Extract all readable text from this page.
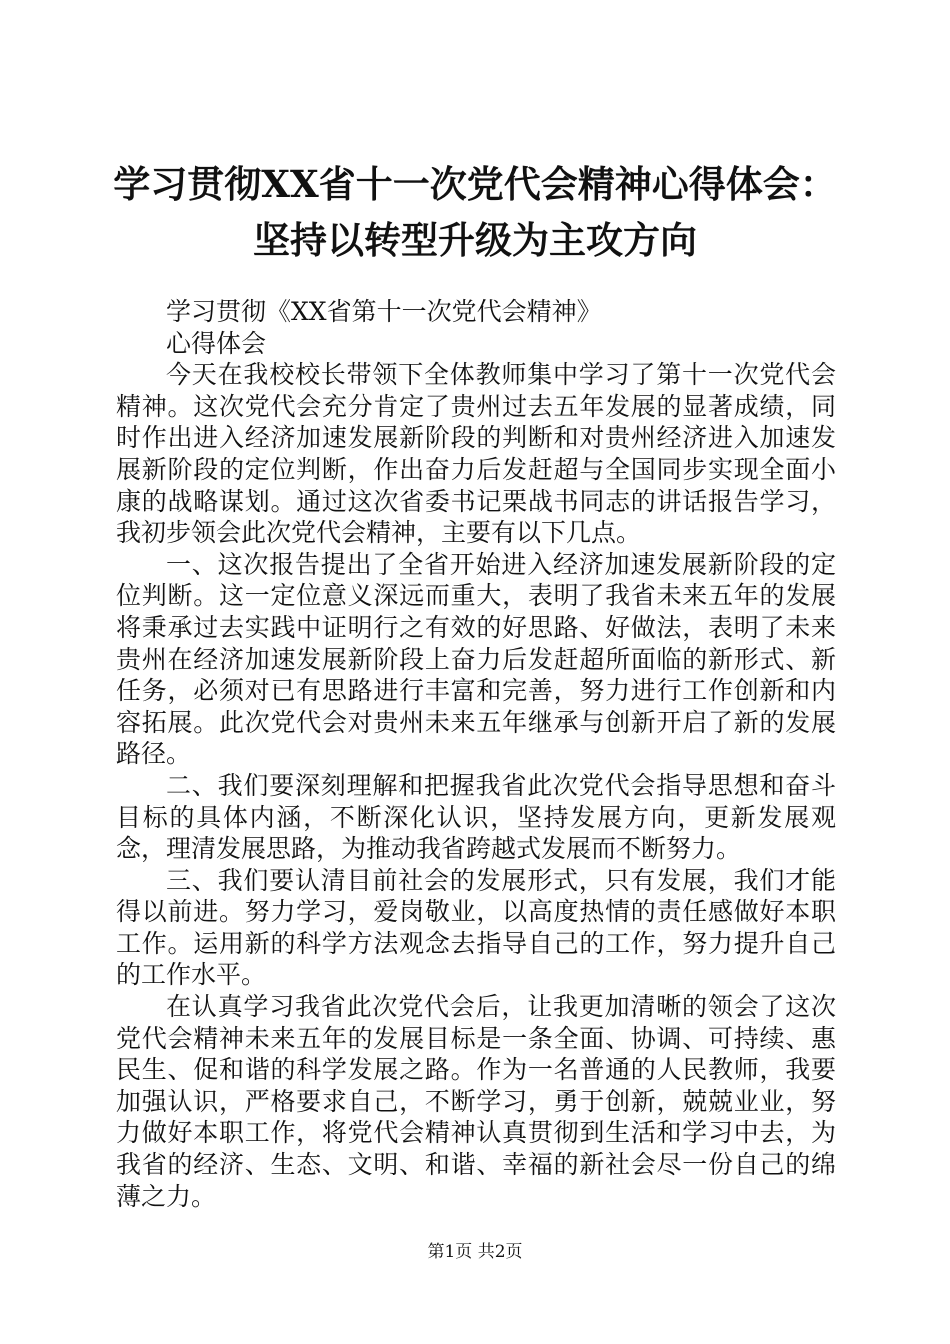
学习贯彻XX省十一次党代会精神心得体会：
坚持以转型升级为主攻方向

学习贯彻《XX省第十一次党代会精神》

心得体会

今天在我校校长带领下全体教师集中学习了第十一次党代会精神。这次党代会充分肯定了贵州过去五年发展的显著成绩，同时作出进入经济加速发展新阶段的判断和对贵州经济进入加速发展新阶段的定位判断，作出奋力后发赶超与全国同步实现全面小康的战略谋划。通过这次省委书记栗战书同志的讲话报告学习，我初步领会此次党代会精神，主要有以下几点。

一、这次报告提出了全省开始进入经济加速发展新阶段的定位判断。这一定位意义深远而重大，表明了我省未来五年的发展将秉承过去实践中证明行之有效的好思路、好做法，表明了未来贵州在经济加速发展新阶段上奋力后发赶超所面临的新形式、新任务，必须对已有思路进行丰富和完善，努力进行工作创新和内容拓展。此次党代会对贵州未来五年继承与创新开启了新的发展路径。

二、我们要深刻理解和把握我省此次党代会指导思想和奋斗目标的具体内涵，不断深化认识，坚持发展方向，更新发展观念，理清发展思路，为推动我省跨越式发展而不断努力。

三、我们要认清目前社会的发展形式，只有发展，我们才能得以前进。努力学习，爱岗敬业，以高度热情的责任感做好本职工作。运用新的科学方法观念去指导自己的工作，努力提升自己的工作水平。

在认真学习我省此次党代会后，让我更加清晰的领会了这次党代会精神未来五年的发展目标是一条全面、协调、可持续、惠民生、促和谐的科学发展之路。作为一名普通的人民教师，我要加强认识，严格要求自己，不断学习，勇于创新，兢兢业业，努力做好本职工作，将党代会精神认真贯彻到生活和学习中去，为我省的经济、生态、文明、和谐、幸福的新社会尽一份自己的绵薄之力。

第1页 共2页
